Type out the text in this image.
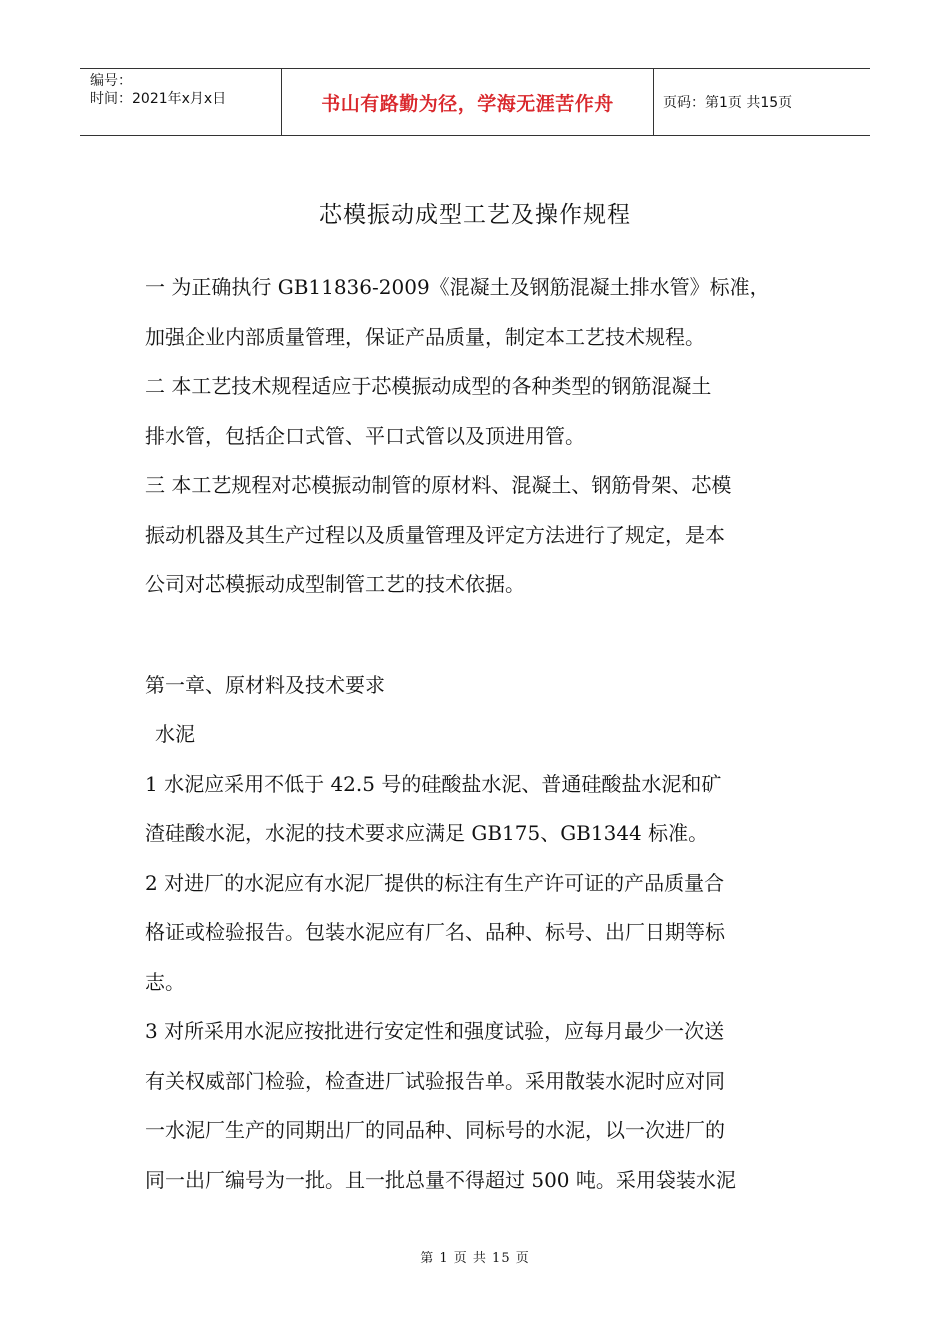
编号：
时间：2021年x月x日	书山有路勤为径，学海无涯苦作舟	页码：第1页 共15页
芯模振动成型工艺及操作规程

一 为正确执行 GB11836-2009《混凝土及钢筋混凝土排水管》标准，

加强企业内部质量管理，保证产品质量，制定本工艺技术规程。

二 本工艺技术规程适应于芯模振动成型的各种类型的钢筋混凝土

排水管，包括企口式管、平口式管以及顶进用管。

三 本工艺规程对芯模振动制管的原材料、混凝土、钢筋骨架、芯模

振动机器及其生产过程以及质量管理及评定方法进行了规定，是本

公司对芯模振动成型制管工艺的技术依据。

第一章、原材料及技术要求

水泥

1 水泥应采用不低于 42.5 号的硅酸盐水泥、普通硅酸盐水泥和矿

渣硅酸水泥，水泥的技术要求应满足 GB175、GB1344 标准。

2 对进厂的水泥应有水泥厂提供的标注有生产许可证的产品质量合

格证或检验报告。包装水泥应有厂名、品种、标号、出厂日期等标

志。

3 对所采用水泥应按批进行安定性和强度试验，应每月最少一次送

有关权威部门检验，检查进厂试验报告单。采用散装水泥时应对同

一水泥厂生产的同期出厂的同品种、同标号的水泥，以一次进厂的

同一出厂编号为一批。且一批总量不得超过 500 吨。采用袋装水泥

第 1 页 共 15 页
